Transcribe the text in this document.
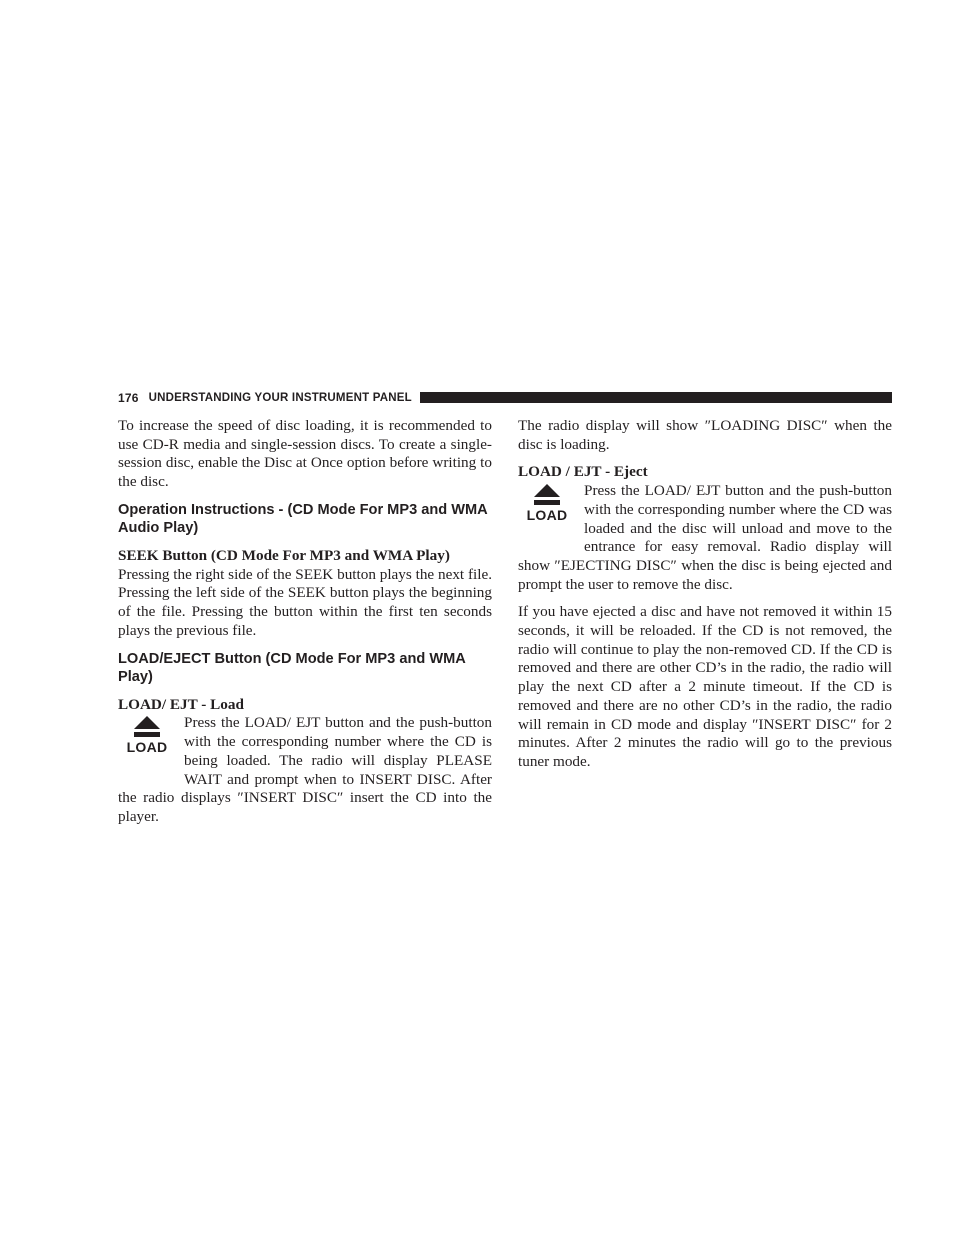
176 UNDERSTANDING YOUR INSTRUMENT PANEL

To increase the speed of disc loading, it is recommended to use CD-R media and single-session discs. To create a single-session disc, enable the Disc at Once option before writing to the disc.

Operation Instructions - (CD Mode For MP3 and WMA Audio Play)
SEEK Button (CD Mode For MP3 and WMA Play)

Pressing the right side of the SEEK button plays the next file. Pressing the left side of the SEEK button plays the beginning of the file. Pressing the button within the first ten seconds plays the previous file.

LOAD/EJECT Button (CD Mode For MP3 and WMA Play)
LOAD/ EJT - Load
LOAD

Press the LOAD/ EJT button and the push-button with the corresponding number where the CD is being loaded. The radio will display PLEASE WAIT and prompt when to INSERT DISC. After the radio displays ″INSERT DISC″ insert the CD into the player.

The radio display will show ″LOADING DISC″ when the disc is loading.

LOAD / EJT - Eject
LOAD

Press the LOAD/ EJT button and the push-button with the corresponding number where the CD was loaded and the disc will unload and move to the entrance for easy removal. Radio display will show ″EJECTING DISC″ when the disc is being ejected and prompt the user to remove the disc.

If you have ejected a disc and have not removed it within 15 seconds, it will be reloaded. If the CD is not removed, the radio will continue to play the non-removed CD. If the CD is removed and there are other CD’s in the radio, the radio will play the next CD after a 2 minute timeout. If the CD is removed and there are no other CD’s in the radio, the radio will remain in CD mode and display ″INSERT DISC″ for 2 minutes. After 2 minutes the radio will go to the previous tuner mode.
